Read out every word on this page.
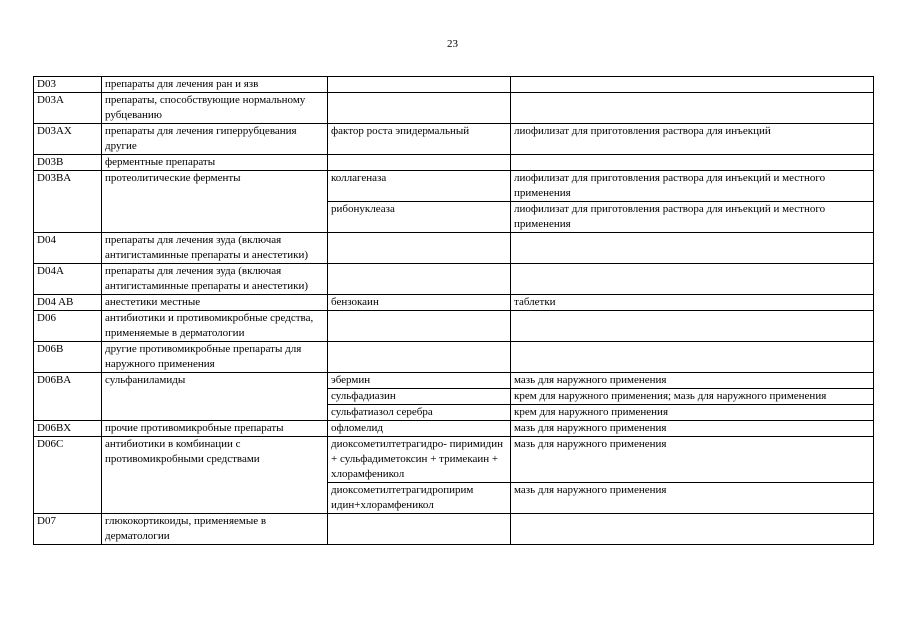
23
D03	препараты для лечения ран и язв		
D03A	препараты, способствующие нормальному рубцеванию		
D03AX	препараты для лечения гиперрубцевания другие	фактор роста эпидермальный	лиофилизат для приготовления раствора для инъекций
D03B	ферментные препараты		
D03BA	протеолитические ферменты	коллагеназа	лиофилизат для приготовления раствора для инъекций и местного применения
		рибонуклеаза	лиофилизат для приготовления раствора для инъекций и местного применения
D04	препараты для лечения зуда (включая антигистаминные препараты и анестетики)		
D04A	препараты для лечения зуда (включая антигистаминные препараты и анестетики)		
D04 AB	анестетики местные	бензокаин	таблетки
D06	антибиотики и противомикробные средства, применяемые в дерматологии		
D06B	другие противомикробные препараты для наружного применения		
D06BA	сульфаниламиды	эбермин	мазь для наружного применения
		сульфадиазин	крем для наружного применения; мазь для наружного применения
		сульфатиазол серебра	крем для наружного применения
D06BX	прочие противомикробные препараты	офломелид	мазь для наружного применения
D06C	антибиотики в комбинации с противомикробными средствами	диоксометилтетрагидро- пиримидин + сульфадиметоксин + тримекаин + хлорамфеникол	мазь для наружного применения
		диоксометилтетрагидропирим идин+хлорамфеникол	мазь для наружного применения
D07	глюкокортикоиды, применяемые в дерматологии		
